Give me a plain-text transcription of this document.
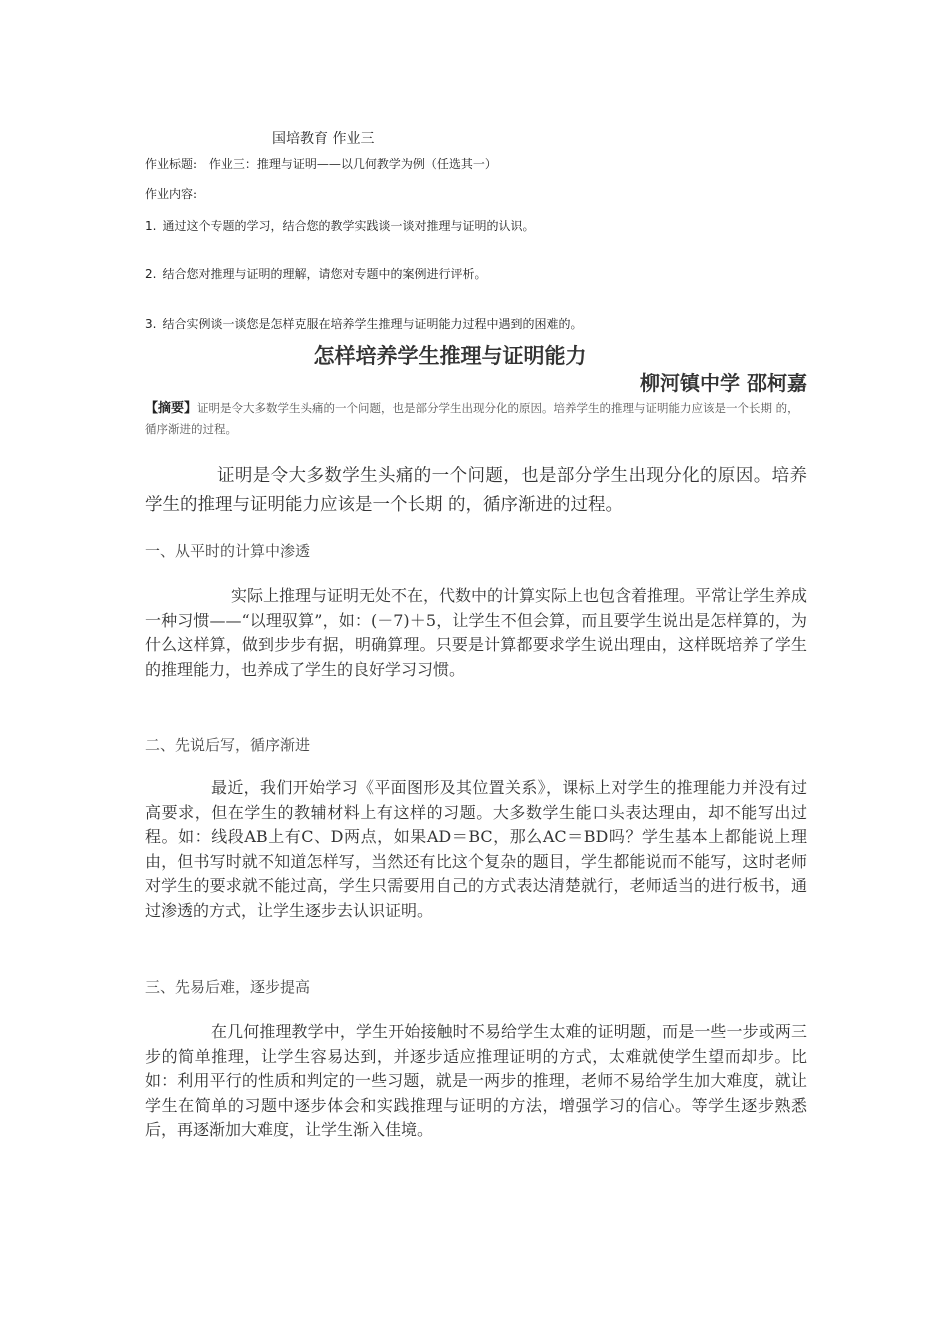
国培教育 作业三
作业标题: 作业三：推理与证明——以几何教学为例（任选其一）
作业内容:
1. 通过这个专题的学习，结合您的教学实践谈一谈对推理与证明的认识。
2. 结合您对推理与证明的理解，请您对专题中的案例进行评析。
3. 结合实例谈一谈您是怎样克服在培养学生推理与证明能力过程中遇到的困难的。
怎样培养学生推理与证明能力
柳河镇中学 邵柯嘉
【摘要】证明是令大多数学生头痛的一个问题，也是部分学生出现分化的原因。培养学生的推理与证明能力应该是一个长期 的，循序渐进的过程。
证明是令大多数学生头痛的一个问题，也是部分学生出现分化的原因。培养学生的推理与证明能力应该是一个长期 的，循序渐进的过程。
一、从平时的计算中渗透
实际上推理与证明无处不在，代数中的计算实际上也包含着推理。平常让学生养成一种习惯——“以理驭算”，如：(－7)＋5，让学生不但会算，而且要学生说出是怎样算的，为什么这样算，做到步步有据，明确算理。只要是计算都要求学生说出理由，这样既培养了学生的推理能力，也养成了学生的良好学习习惯。
二、先说后写，循序渐进
最近，我们开始学习《平面图形及其位置关系》，课标上对学生的推理能力并没有过高要求，但在学生的教辅材料上有这样的习题。大多数学生能口头表达理由，却不能写出过程。如：线段AB上有C、D两点，如果AD＝BC，那么AC＝BD吗？学生基本上都能说上理由，但书写时就不知道怎样写，当然还有比这个复杂的题目，学生都能说而不能写，这时老师对学生的要求就不能过高，学生只需要用自己的方式表达清楚就行，老师适当的进行板书，通过渗透的方式，让学生逐步去认识证明。
三、先易后难，逐步提高
在几何推理教学中，学生开始接触时不易给学生太难的证明题，而是一些一步或两三步的简单推理，让学生容易达到，并逐步适应推理证明的方式，太难就使学生望而却步。比如：利用平行的性质和判定的一些习题，就是一两步的推理，老师不易给学生加大难度，就让学生在简单的习题中逐步体会和实践推理与证明的方法，增强学习的信心。等学生逐步熟悉后，再逐渐加大难度，让学生渐入佳境。
